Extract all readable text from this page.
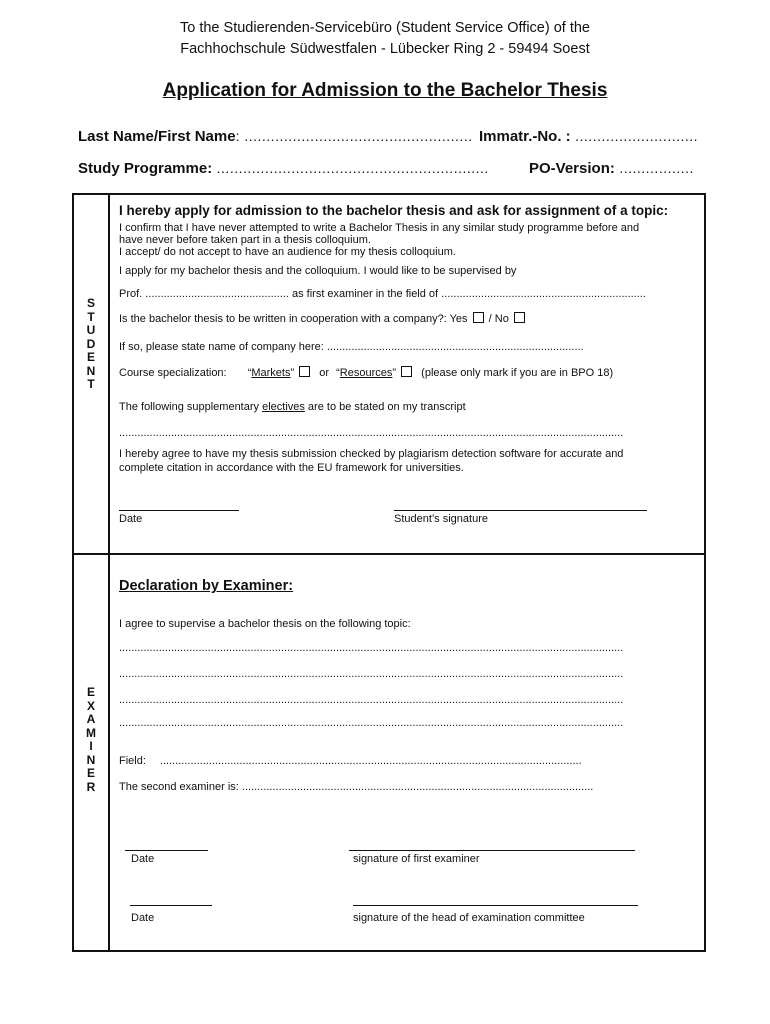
To the Studierenden-Servicebüro (Student Service Office) of the
Fachhochschule Südwestfalen - Lübecker Ring 2 - 59494 Soest
Application for Admission to the Bachelor Thesis
Last Name/First Name: .................................................... Immatr.-No. : ............................
Study Programme: ..............................................................	PO-Version: .................
S
T
U
D
E
N
T
I hereby apply for admission to the bachelor thesis and ask for assignment of a topic:
I confirm that I have never attempted to write a Bachelor Thesis in any similar study programme before and
have never before taken part in a thesis colloquium.
I accept/ do not accept to have an audience for my thesis colloquium.
I apply for my bachelor thesis and the colloquium. I would like to be supervised by
Prof. ............................................... as first examiner in the field of ...................................................................
Is the bachelor thesis to be written in cooperation with a company?: Yes / No
If so, please state name of company here: ....................................................................................
Course specialization: “Markets”  or “Resources”  (please only mark if you are in BPO 18)
The following supplementary electives are to be stated on my transcript
.....................................................................................................................................................................
I hereby agree to have my thesis submission checked by plagiarism detection software for accurate and
complete citation in accordance with the EU framework for universities.
Date	Student’s signature
E
X
A
M
I
N
E
R
Declaration by Examiner:
I agree to supervise a bachelor thesis on the following topic:
.....................................................................................................................................................................
.....................................................................................................................................................................
.....................................................................................................................................................................
.....................................................................................................................................................................
Field: ..........................................................................................................................................
The second examiner is: ...................................................................................................................
Date	signature of first examiner
Date	signature of the head of examination committee
